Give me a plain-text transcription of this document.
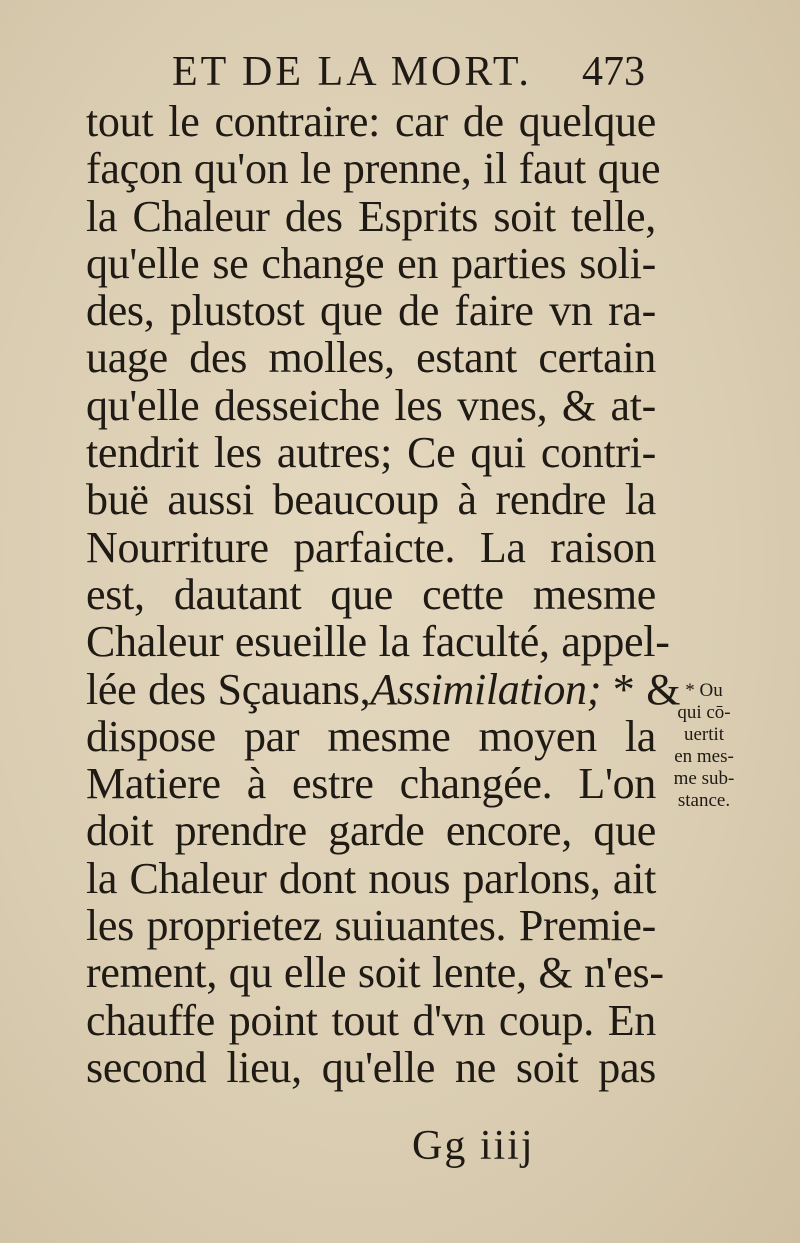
ET DE LA MORT. 473
tout le contraire: car de quelque
façon qu'on le prenne, il faut que
la Chaleur des Esprits soit telle,
qu'elle se change en parties soli-
des, plustost que de faire vn ra-
uage des molles, estant certain
qu'elle desseiche les vnes, & at-
tendrit les autres; Ce qui contri-
buë aussi beaucoup à rendre la
Nourriture parfaicte. La raison
est, dautant que cette mesme
Chaleur esueille la faculté, appel-
lée des Sçauans,Assimilation; * &
dispose par mesme moyen la
Matiere à estre changée. L'on
doit prendre garde encore, que
la Chaleur dont nous parlons, ait
les proprietez suiuantes. Premie-
rement, qu elle soit lente, & n'es-
chauffe point tout d'vn coup. En
second lieu, qu'elle ne soit pas
* Ou
qui cō-
uertit
en mes-
me sub-
stance.
Gg iiij
